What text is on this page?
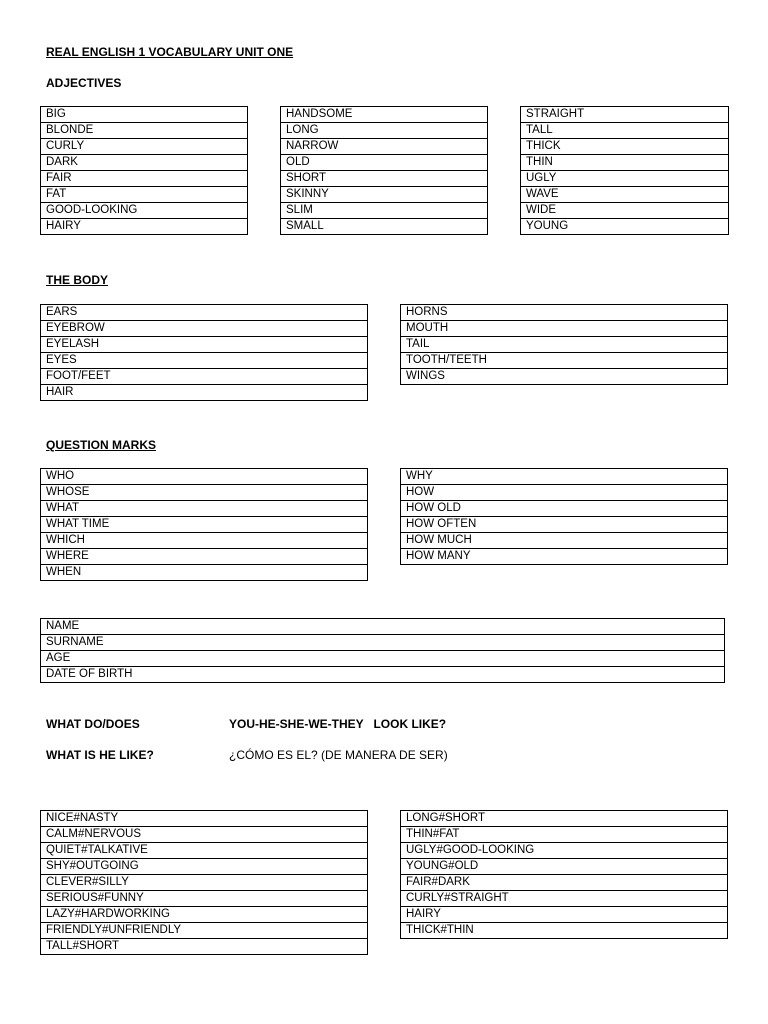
REAL ENGLISH 1 VOCABULARY UNIT ONE
ADJECTIVES
BIG
BLONDE
CURLY
DARK
FAIR
FAT
GOOD-LOOKING
HAIRY
HANDSOME
LONG
NARROW
OLD
SHORT
SKINNY
SLIM
SMALL
STRAIGHT
TALL
THICK
THIN
UGLY
WAVE
WIDE
YOUNG
THE BODY
EARS
EYEBROW
EYELASH
EYES
FOOT/FEET
HAIR
HORNS
MOUTH
TAIL
TOOTH/TEETH
WINGS
QUESTION MARKS
WHO
WHOSE
WHAT
WHAT TIME
WHICH
WHERE
WHEN
WHY
HOW
HOW OLD
HOW OFTEN
HOW MUCH
HOW MANY
NAME
SURNAME
AGE
DATE OF BIRTH
WHAT DO/DOES	YOU-HE-SHE-WE-THEY   LOOK LIKE?
WHAT IS HE LIKE?	¿CÓMO ES EL? (DE MANERA DE SER)
NICE#NASTY
CALM#NERVOUS
QUIET#TALKATIVE
SHY#OUTGOING
CLEVER#SILLY
SERIOUS#FUNNY
LAZY#HARDWORKING
FRIENDLY#UNFRIENDLY
TALL#SHORT
LONG#SHORT
THIN#FAT
UGLY#GOOD-LOOKING
YOUNG#OLD
FAIR#DARK
CURLY#STRAIGHT
HAIRY
THICK#THIN
